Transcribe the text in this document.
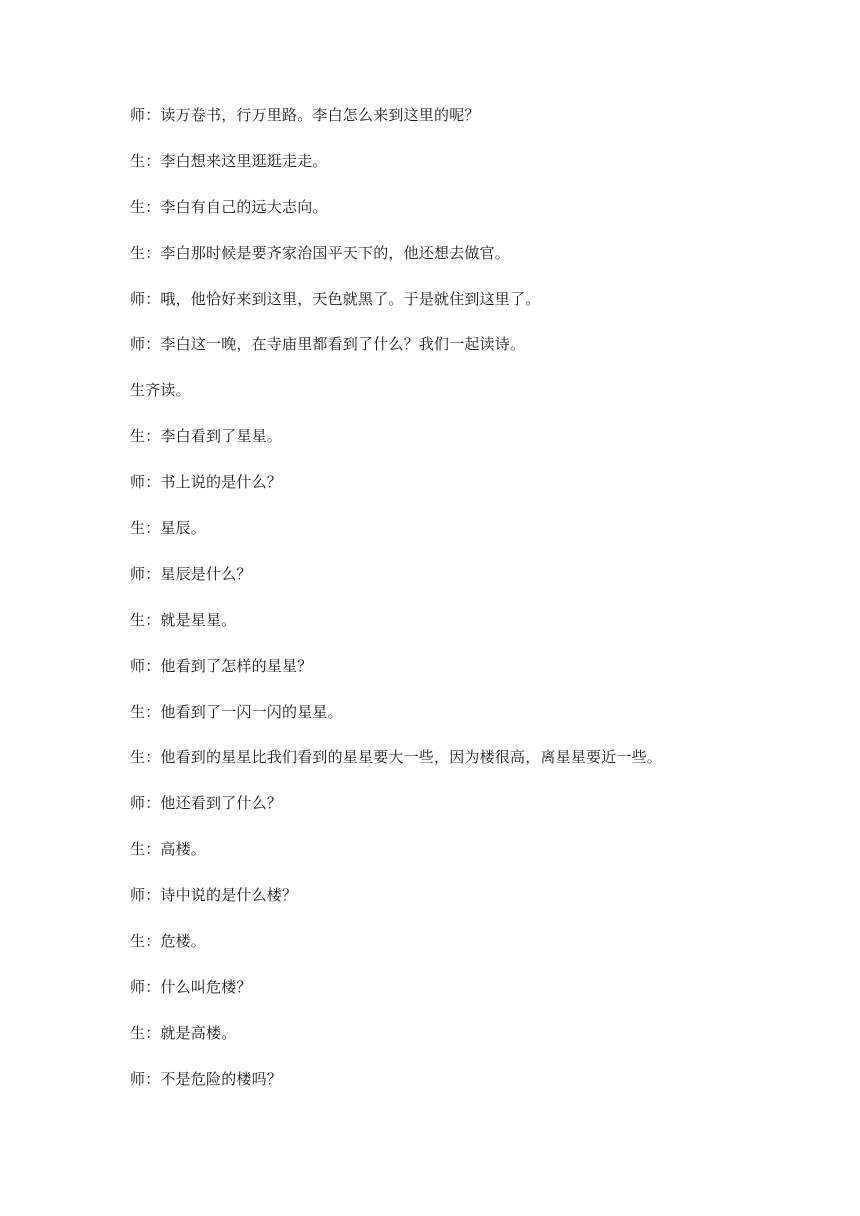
师：读万卷书，行万里路。李白怎么来到这里的呢？
生：李白想来这里逛逛走走。
生：李白有自己的远大志向。
生：李白那时候是要齐家治国平天下的，他还想去做官。
师：哦，他恰好来到这里，天色就黑了。于是就住到这里了。
师：李白这一晚，在寺庙里都看到了什么？我们一起读诗。
生齐读。
生：李白看到了星星。
师：书上说的是什么？
生：星辰。
师：星辰是什么？
生：就是星星。
师：他看到了怎样的星星？
生：他看到了一闪一闪的星星。
生：他看到的星星比我们看到的星星要大一些，因为楼很高，离星星要近一些。
师：他还看到了什么？
生：高楼。
师：诗中说的是什么楼？
生：危楼。
师：什么叫危楼？
生：就是高楼。
师：不是危险的楼吗？
